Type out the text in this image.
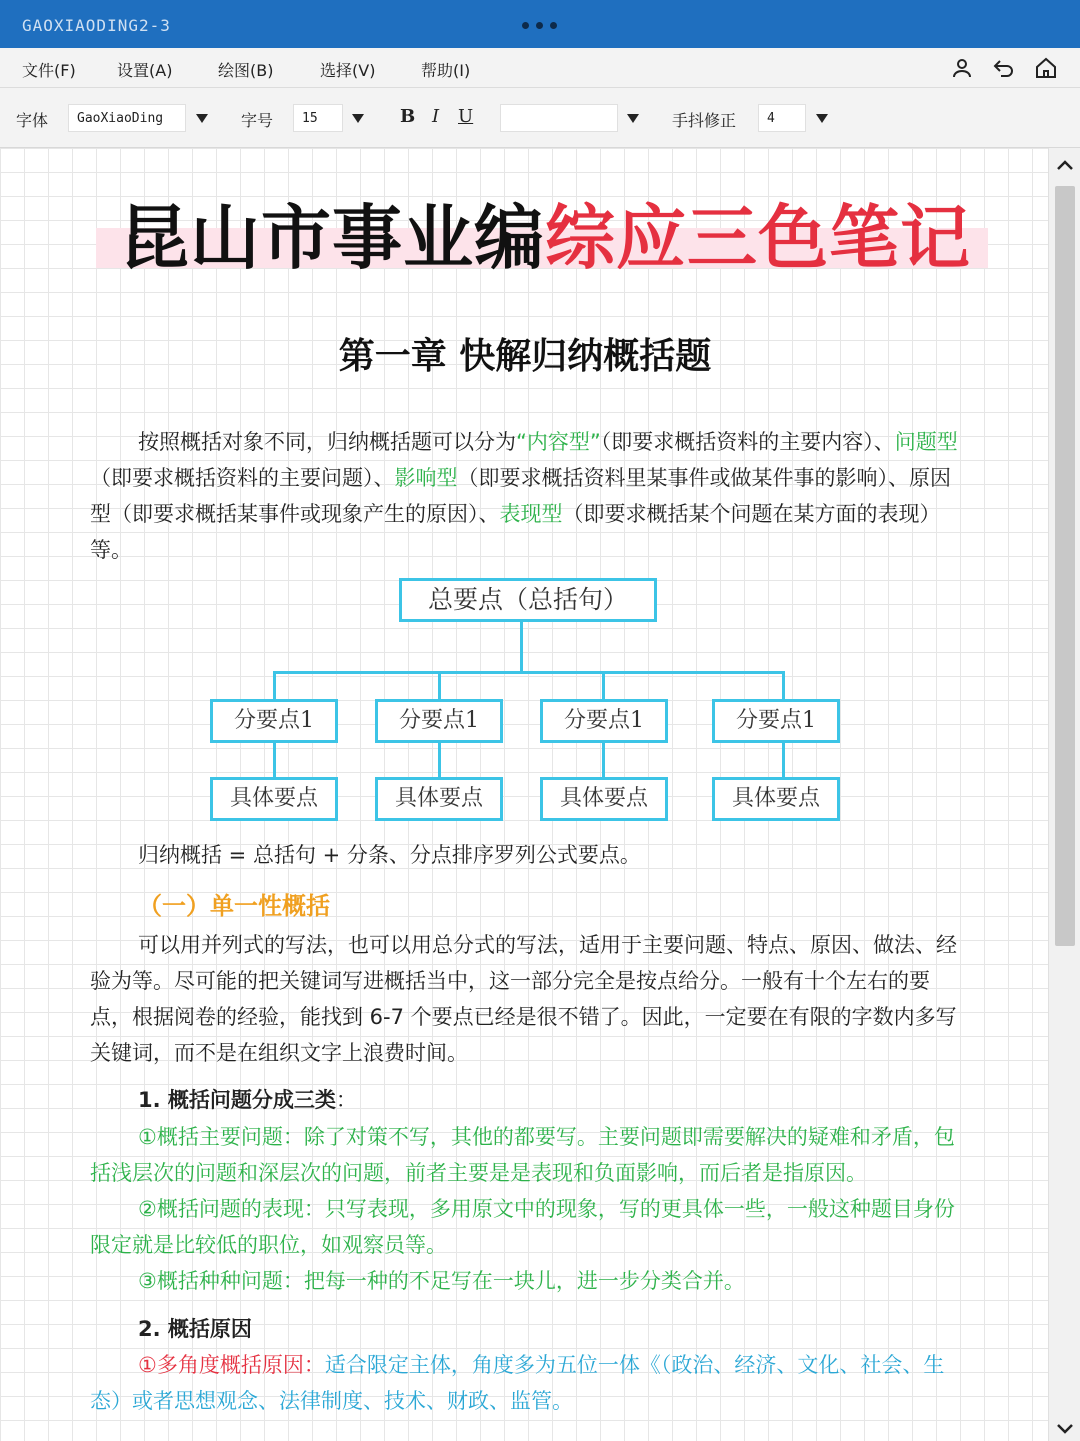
GAOXIAODING2-3
文件(F)	设置(A)	绘图(B)	选择(V)	帮助(I)
字体	GaoXiaoDing	字号	15	B I U	手抖修正	4
昆山市事业编综应三色笔记
第一章 快解归纳概括题
按照概括对象不同，归纳概括题可以分为“内容型”（即要求概括资料的主要内容）、问题型（即要求概括资料的主要问题）、影响型（即要求概括资料里某事件或做某件事的影响）、原因型（即要求概括某事件或现象产生的原因）、表现型（即要求概括某个问题在某方面的表现）等。
总要点（总括句）
分要点1	分要点1	分要点1	分要点1
具体要点	具体要点	具体要点	具体要点
归纳概括 = 总括句 + 分条、分点排序罗列公式要点。
（一）单一性概括
可以用并列式的写法，也可以用总分式的写法，适用于主要问题、特点、原因、做法、经验为等。尽可能的把关键词写进概括当中，这一部分完全是按点给分。一般有十个左右的要点，根据阅卷的经验，能找到 6-7 个要点已经是很不错了。因此，一定要在有限的字数内多写关键词，而不是在组织文字上浪费时间。
1. 概括问题分成三类：
①概括主要问题：除了对策不写，其他的都要写。主要问题即需要解决的疑难和矛盾，包括浅层次的问题和深层次的问题，前者主要是是表现和负面影响，而后者是指原因。
②概括问题的表现：只写表现，多用原文中的现象，写的更具体一些，一般这种题目身份限定就是比较低的职位，如观察员等。
③概括种种问题：把每一种的不足写在一块儿，进一步分类合并。
2. 概括原因
①多角度概括原因：适合限定主体，角度多为五位一体《（政治、经济、文化、社会、生态）或者思想观念、法律制度、技术、财政、监管。
